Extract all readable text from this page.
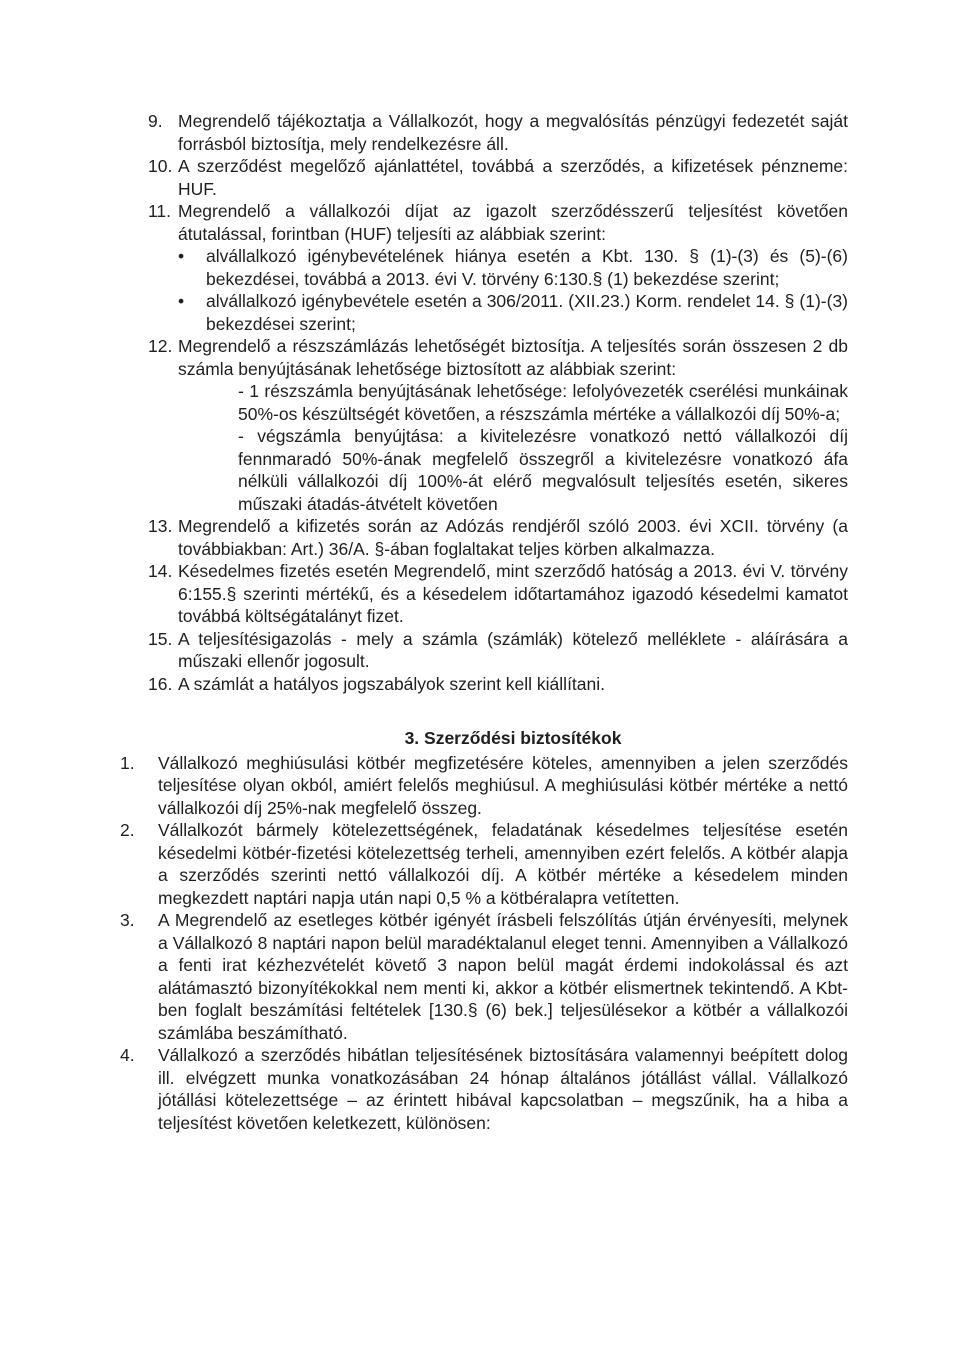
9. Megrendelő tájékoztatja a Vállalkozót, hogy a megvalósítás pénzügyi fedezetét saját forrásból biztosítja, mely rendelkezésre áll.

10. A szerződést megelőző ajánlattétel, továbbá a szerződés, a kifizetések pénzneme: HUF.

11. Megrendelő a vállalkozói díjat az igazolt szerződésszerű teljesítést követően átutalással, forintban (HUF) teljesíti az alábbiak szerint:

• alvállalkozó igénybevételének hiánya esetén a Kbt. 130. § (1)-(3) és (5)-(6) bekezdései, továbbá a 2013. évi V. törvény 6:130.§ (1) bekezdése szerint;

• alvállalkozó igénybevétele esetén a 306/2011. (XII.23.) Korm. rendelet 14. § (1)-(3) bekezdései szerint;

12. Megrendelő a részszámlázás lehetőségét biztosítja. A teljesítés során összesen 2 db számla benyújtásának lehetősége biztosított az alábbiak szerint:

- 1 részszámla benyújtásának lehetősége: lefolyóvezeték cserélési munkáinak 50%-os készültségét követően, a részszámla mértéke a vállalkozói díj 50%-a;

- végszámla benyújtása: a kivitelezésre vonatkozó nettó vállalkozói díj fennmaradó 50%-ának megfelelő összegről a kivitelezésre vonatkozó áfa nélküli vállalkozói díj 100%-át elérő megvalósult teljesítés esetén, sikeres műszaki átadás-átvételt követően

13. Megrendelő a kifizetés során az Adózás rendjéről szóló 2003. évi XCII. törvény (a továbbiakban: Art.) 36/A. §-ában foglaltakat teljes körben alkalmazza.

14. Késedelmes fizetés esetén Megrendelő, mint szerződő hatóság a 2013. évi V. törvény 6:155.§ szerinti mértékű, és a késedelem időtartamához igazodó késedelmi kamatot továbbá költségátalányt fizet.

15. A teljesítésigazolás - mely a számla (számlák) kötelező melléklete - aláírására a műszaki ellenőr jogosult.

16. A számlát a hatályos jogszabályok szerint kell kiállítani.

3. Szerződési biztosítékok

1. Vállalkozó meghiúsulási kötbér megfizetésére köteles, amennyiben a jelen szerződés teljesítése olyan okból, amiért felelős meghiúsul. A meghiúsulási kötbér mértéke a nettó vállalkozói díj 25%-nak megfelelő összeg.

2. Vállalkozót bármely kötelezettségének, feladatának késedelmes teljesítése esetén késedelmi kötbér-fizetési kötelezettség terheli, amennyiben ezért felelős. A kötbér alapja a szerződés szerinti nettó vállalkozói díj. A kötbér mértéke a késedelem minden megkezdett naptári napja után napi 0,5 % a kötbéralapra vetítetten.

3. A Megrendelő az esetleges kötbér igényét írásbeli felszólítás útján érvényesíti, melynek a Vállalkozó 8 naptári napon belül maradéktalanul eleget tenni. Amennyiben a Vállalkozó a fenti irat kézhezvételét követő 3 napon belül magát érdemi indokolással és azt alátámasztó bizonyítékokkal nem menti ki, akkor a kötbér elismertnek tekintendő. A Kbt-ben foglalt beszámítási feltételek [130.§ (6) bek.] teljesülésekor a kötbér a vállalkozói számlába beszámítható.

4. Vállalkozó a szerződés hibátlan teljesítésének biztosítására valamennyi beépített dolog ill. elvégzett munka vonatkozásában 24 hónap általános jótállást vállal. Vállalkozó jótállási kötelezettsége – az érintett hibával kapcsolatban – megszűnik, ha a hiba a teljesítést követően keletkezett, különösen:
